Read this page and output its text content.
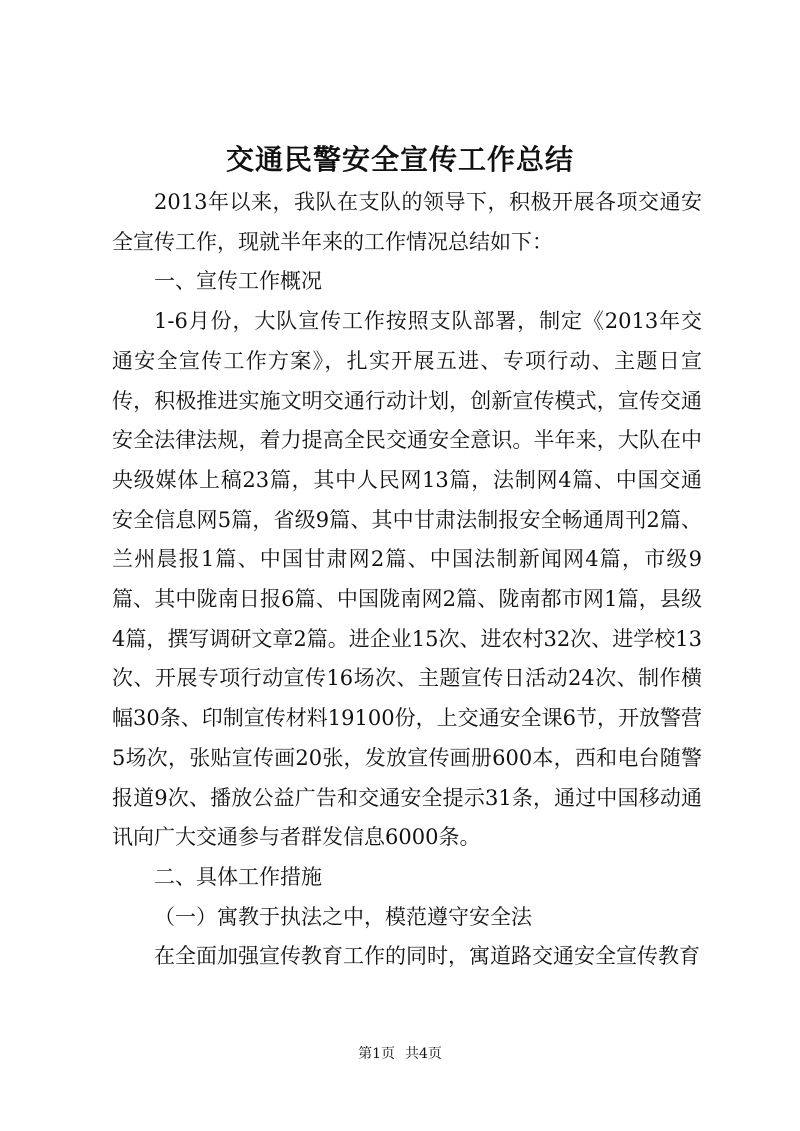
交通民警安全宣传工作总结

2013年以来，我队在支队的领导下，积极开展各项交通安全宣传工作，现就半年来的工作情况总结如下：

一、宣传工作概况

1-6月份，大队宣传工作按照支队部署，制定《2013年交通安全宣传工作方案》，扎实开展五进、专项行动、主题日宣传，积极推进实施文明交通行动计划，创新宣传模式，宣传交通安全法律法规，着力提高全民交通安全意识。半年来，大队在中央级媒体上稿23篇，其中人民网13篇，法制网4篇、中国交通安全信息网5篇，省级9篇、其中甘肃法制报安全畅通周刊2篇、兰州晨报1篇、中国甘肃网2篇、中国法制新闻网4篇，市级9篇、其中陇南日报6篇、中国陇南网2篇、陇南都市网1篇，县级4篇，撰写调研文章2篇。进企业15次、进农村32次、进学校13次、开展专项行动宣传16场次、主题宣传日活动24次、制作横幅30条、印制宣传材料19100份，上交通安全课6节，开放警营5场次，张贴宣传画20张，发放宣传画册600本，西和电台随警报道9次、播放公益广告和交通安全提示31条，通过中国移动通讯向广大交通参与者群发信息6000条。

二、具体工作措施

（一）寓教于执法之中，模范遵守安全法

在全面加强宣传教育工作的同时，寓道路交通安全宣传教育

第1页 共4页
